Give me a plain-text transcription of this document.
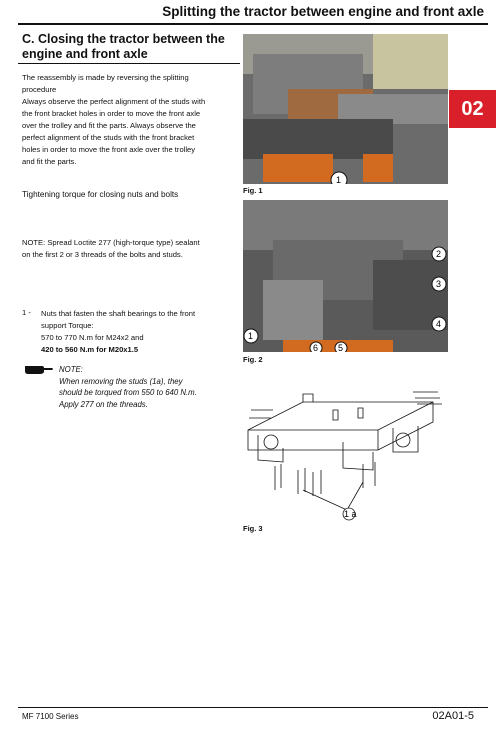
Splitting the tractor between engine and front axle
C. Closing the tractor between the engine and front axle
The reassembly is made by reversing the splitting
procedure
Always observe the perfect alignment of the studs with
the front bracket holes in order to move the front axle
over the trolley and fit the parts. Always observe the
perfect alignment of the studs with the front bracket
holes in order to move the front axle over the trolley
and fit the parts.
Tightening torque for closing nuts and bolts
NOTE: Spread Loctite 277 (high-torque type) sealant
on the first 2 or 3 threads of the bolts and studs.
1 - Nuts that fasten the shaft bearings to the front
support Torque:
570 to 770 N.m for M24x2 and
420 to 560 N.m for M20x1.5
NOTE:
When removing the studs (1a), they
should be torqued from 550 to 640 N.m.
Apply 277 on the threads.
02
1
Fig. 1
2
3
4
1
6 5
Fig. 2
1 a
Fig. 3
MF 7100 Series	02A01-5
